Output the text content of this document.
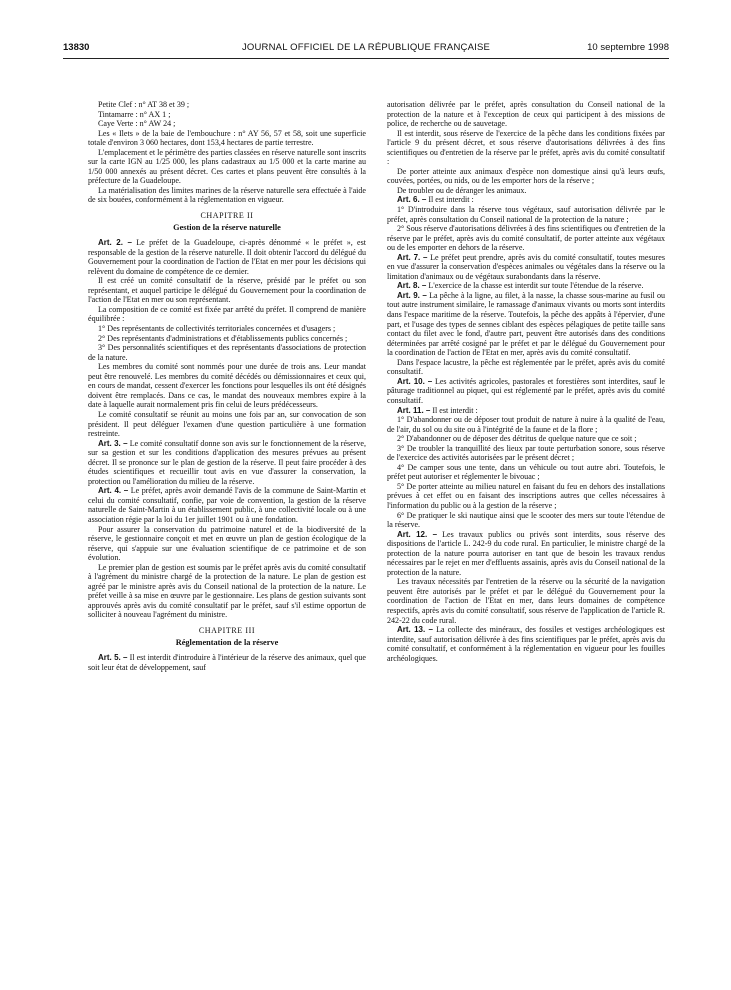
JOURNAL OFFICIEL DE LA RÉPUBLIQUE FRANÇAISE
13830	10 septembre 1998

Petite Clef : n° AT 38 et 39 ;

Tintamarre : n° AX 1 ;

Caye Verte : n° AW 24 ;

Les « Ilets » de la baie de l'embouchure : n° AY 56, 57 et 58, soit une superficie totale d'environ 3 060 hectares, dont 153,4 hectares de partie terrestre.

L'emplacement et le périmètre des parties classées en réserve naturelle sont inscrits sur la carte IGN au 1/25 000, les plans cadastraux au 1/5 000 et la carte marine au 1/50 000 annexés au présent décret. Ces cartes et plans peuvent être consultés à la préfecture de la Guadeloupe.

La matérialisation des limites marines de la réserve naturelle sera effectuée à l'aide de six bouées, conformément à la réglementation en vigueur.

CHAPITRE II
Gestion de la réserve naturelle

Art. 2. – Le préfet de la Guadeloupe, ci-après dénommé « le préfet », est responsable de la gestion de la réserve naturelle. Il doit obtenir l'accord du délégué du Gouvernement pour la coordination de l'action de l'Etat en mer pour les décisions qui relèvent du domaine de compétence de ce dernier.

Il est créé un comité consultatif de la réserve, présidé par le préfet ou son représentant, et auquel participe le délégué du Gouvernement pour la coordination de l'action de l'Etat en mer ou son représentant.

La composition de ce comité est fixée par arrêté du préfet. Il comprend de manière équilibrée :

1° Des représentants de collectivités territoriales concernées et d'usagers ;

2° Des représentants d'administrations et d'établissements publics concernés ;

3° Des personnalités scientifiques et des représentants d'associations de protection de la nature.

Les membres du comité sont nommés pour une durée de trois ans. Leur mandat peut être renouvelé. Les membres du comité décédés ou démissionnaires et ceux qui, en cours de mandat, cessent d'exercer les fonctions pour lesquelles ils ont été désignés doivent être remplacés. Dans ce cas, le mandat des nouveaux membres expire à la date à laquelle aurait normalement pris fin celui de leurs prédécesseurs.

Le comité consultatif se réunit au moins une fois par an, sur convocation de son président. Il peut déléguer l'examen d'une question particulière à une formation restreinte.

Art. 3. – Le comité consultatif donne son avis sur le fonctionnement de la réserve, sur sa gestion et sur les conditions d'application des mesures prévues au présent décret. Il se prononce sur le plan de gestion de la réserve. Il peut faire procéder à des études scientifiques et recueillir tout avis en vue d'assurer la conservation, la protection ou l'amélioration du milieu de la réserve.

Art. 4. – Le préfet, après avoir demandé l'avis de la commune de Saint-Martin et celui du comité consultatif, confie, par voie de convention, la gestion de la réserve naturelle de Saint-Martin à un établissement public, à une collectivité locale ou à une association régie par la loi du 1er juillet 1901 ou à une fondation.

Pour assurer la conservation du patrimoine naturel et de la biodiversité de la réserve, le gestionnaire conçoit et met en œuvre un plan de gestion écologique de la réserve, qui s'appuie sur une évaluation scientifique de ce patrimoine et de son évolution.

Le premier plan de gestion est soumis par le préfet après avis du comité consultatif à l'agrément du ministre chargé de la protection de la nature. Le plan de gestion est agréé par le ministre après avis du Conseil national de la protection de la nature. Le préfet veille à sa mise en œuvre par le gestionnaire. Les plans de gestion suivants sont approuvés après avis du comité consultatif par le préfet, sauf s'il estime opportun de solliciter à nouveau l'agrément du ministre.

CHAPITRE III
Réglementation de la réserve

Art. 5. – Il est interdit d'introduire à l'intérieur de la réserve des animaux, quel que soit leur état de développement, sauf

autorisation délivrée par le préfet, après consultation du Conseil national de la protection de la nature et à l'exception de ceux qui participent à des missions de police, de recherche ou de sauvetage.

Il est interdit, sous réserve de l'exercice de la pêche dans les conditions fixées par l'article 9 du présent décret, et sous réserve d'autorisations délivrées à des fins scientifiques ou d'entretien de la réserve par le préfet, après avis du comité consultatif :

De porter atteinte aux animaux d'espèce non domestique ainsi qu'à leurs œufs, couvées, portées, ou nids, ou de les emporter hors de la réserve ;

De troubler ou de déranger les animaux.

Art. 6. – Il est interdit :

1° D'introduire dans la réserve tous végétaux, sauf autorisation délivrée par le préfet, après consultation du Conseil national de la protection de la nature ;

2° Sous réserve d'autorisations délivrées à des fins scientifiques ou d'entretien de la réserve par le préfet, après avis du comité consultatif, de porter atteinte aux végétaux ou de les emporter en dehors de la réserve.

Art. 7. – Le préfet peut prendre, après avis du comité consultatif, toutes mesures en vue d'assurer la conservation d'espèces animales ou végétales dans la réserve ou la limitation d'animaux ou de végétaux surabondants dans la réserve.

Art. 8. – L'exercice de la chasse est interdit sur toute l'étendue de la réserve.

Art. 9. – La pêche à la ligne, au filet, à la nasse, la chasse sous-marine au fusil ou tout autre instrument similaire, le ramassage d'animaux vivants ou morts sont interdits dans l'espace maritime de la réserve. Toutefois, la pêche des appâts à l'épervier, d'une part, et l'usage des types de sennes ciblant des espèces pélagiques de petite taille sans contact du filet avec le fond, d'autre part, peuvent être autorisés dans des conditions déterminées par arrêté cosigné par le préfet et par le délégué du Gouvernement pour la coordination de l'action de l'Etat en mer, après avis du comité consultatif.

Dans l'espace lacustre, la pêche est réglementée par le préfet, après avis du comité consultatif.

Art. 10. – Les activités agricoles, pastorales et forestières sont interdites, sauf le pâturage traditionnel au piquet, qui est réglementé par le préfet, après avis du comité consultatif.

Art. 11. – Il est interdit :

1° D'abandonner ou de déposer tout produit de nature à nuire à la qualité de l'eau, de l'air, du sol ou du site ou à l'intégrité de la faune et de la flore ;

2° D'abandonner ou de déposer des détritus de quelque nature que ce soit ;

3° De troubler la tranquillité des lieux par toute perturbation sonore, sous réserve de l'exercice des activités autorisées par le présent décret ;

4° De camper sous une tente, dans un véhicule ou tout autre abri. Toutefois, le préfet peut autoriser et réglementer le bivouac ;

5° De porter atteinte au milieu naturel en faisant du feu en dehors des installations prévues à cet effet ou en faisant des inscriptions autres que celles nécessaires à l'information du public ou à la gestion de la réserve ;

6° De pratiquer le ski nautique ainsi que le scooter des mers sur toute l'étendue de la réserve.

Art. 12. – Les travaux publics ou privés sont interdits, sous réserve des dispositions de l'article L. 242-9 du code rural. En particulier, le ministre chargé de la protection de la nature pourra autoriser en tant que de besoin les travaux rendus nécessaires par le rejet en mer d'effluents assainis, après avis du Conseil national de la protection de la nature.

Les travaux nécessités par l'entretien de la réserve ou la sécurité de la navigation peuvent être autorisés par le préfet et par le délégué du Gouvernement pour la coordination de l'action de l'Etat en mer, dans leurs domaines de compétence respectifs, après avis du comité consultatif, sous réserve de l'application de l'article R. 242-22 du code rural.

Art. 13. – La collecte des minéraux, des fossiles et vestiges archéologiques est interdite, sauf autorisation délivrée à des fins scientifiques par le préfet, après avis du comité consultatif, et conformément à la réglementation en vigueur pour les fouilles archéologiques.
